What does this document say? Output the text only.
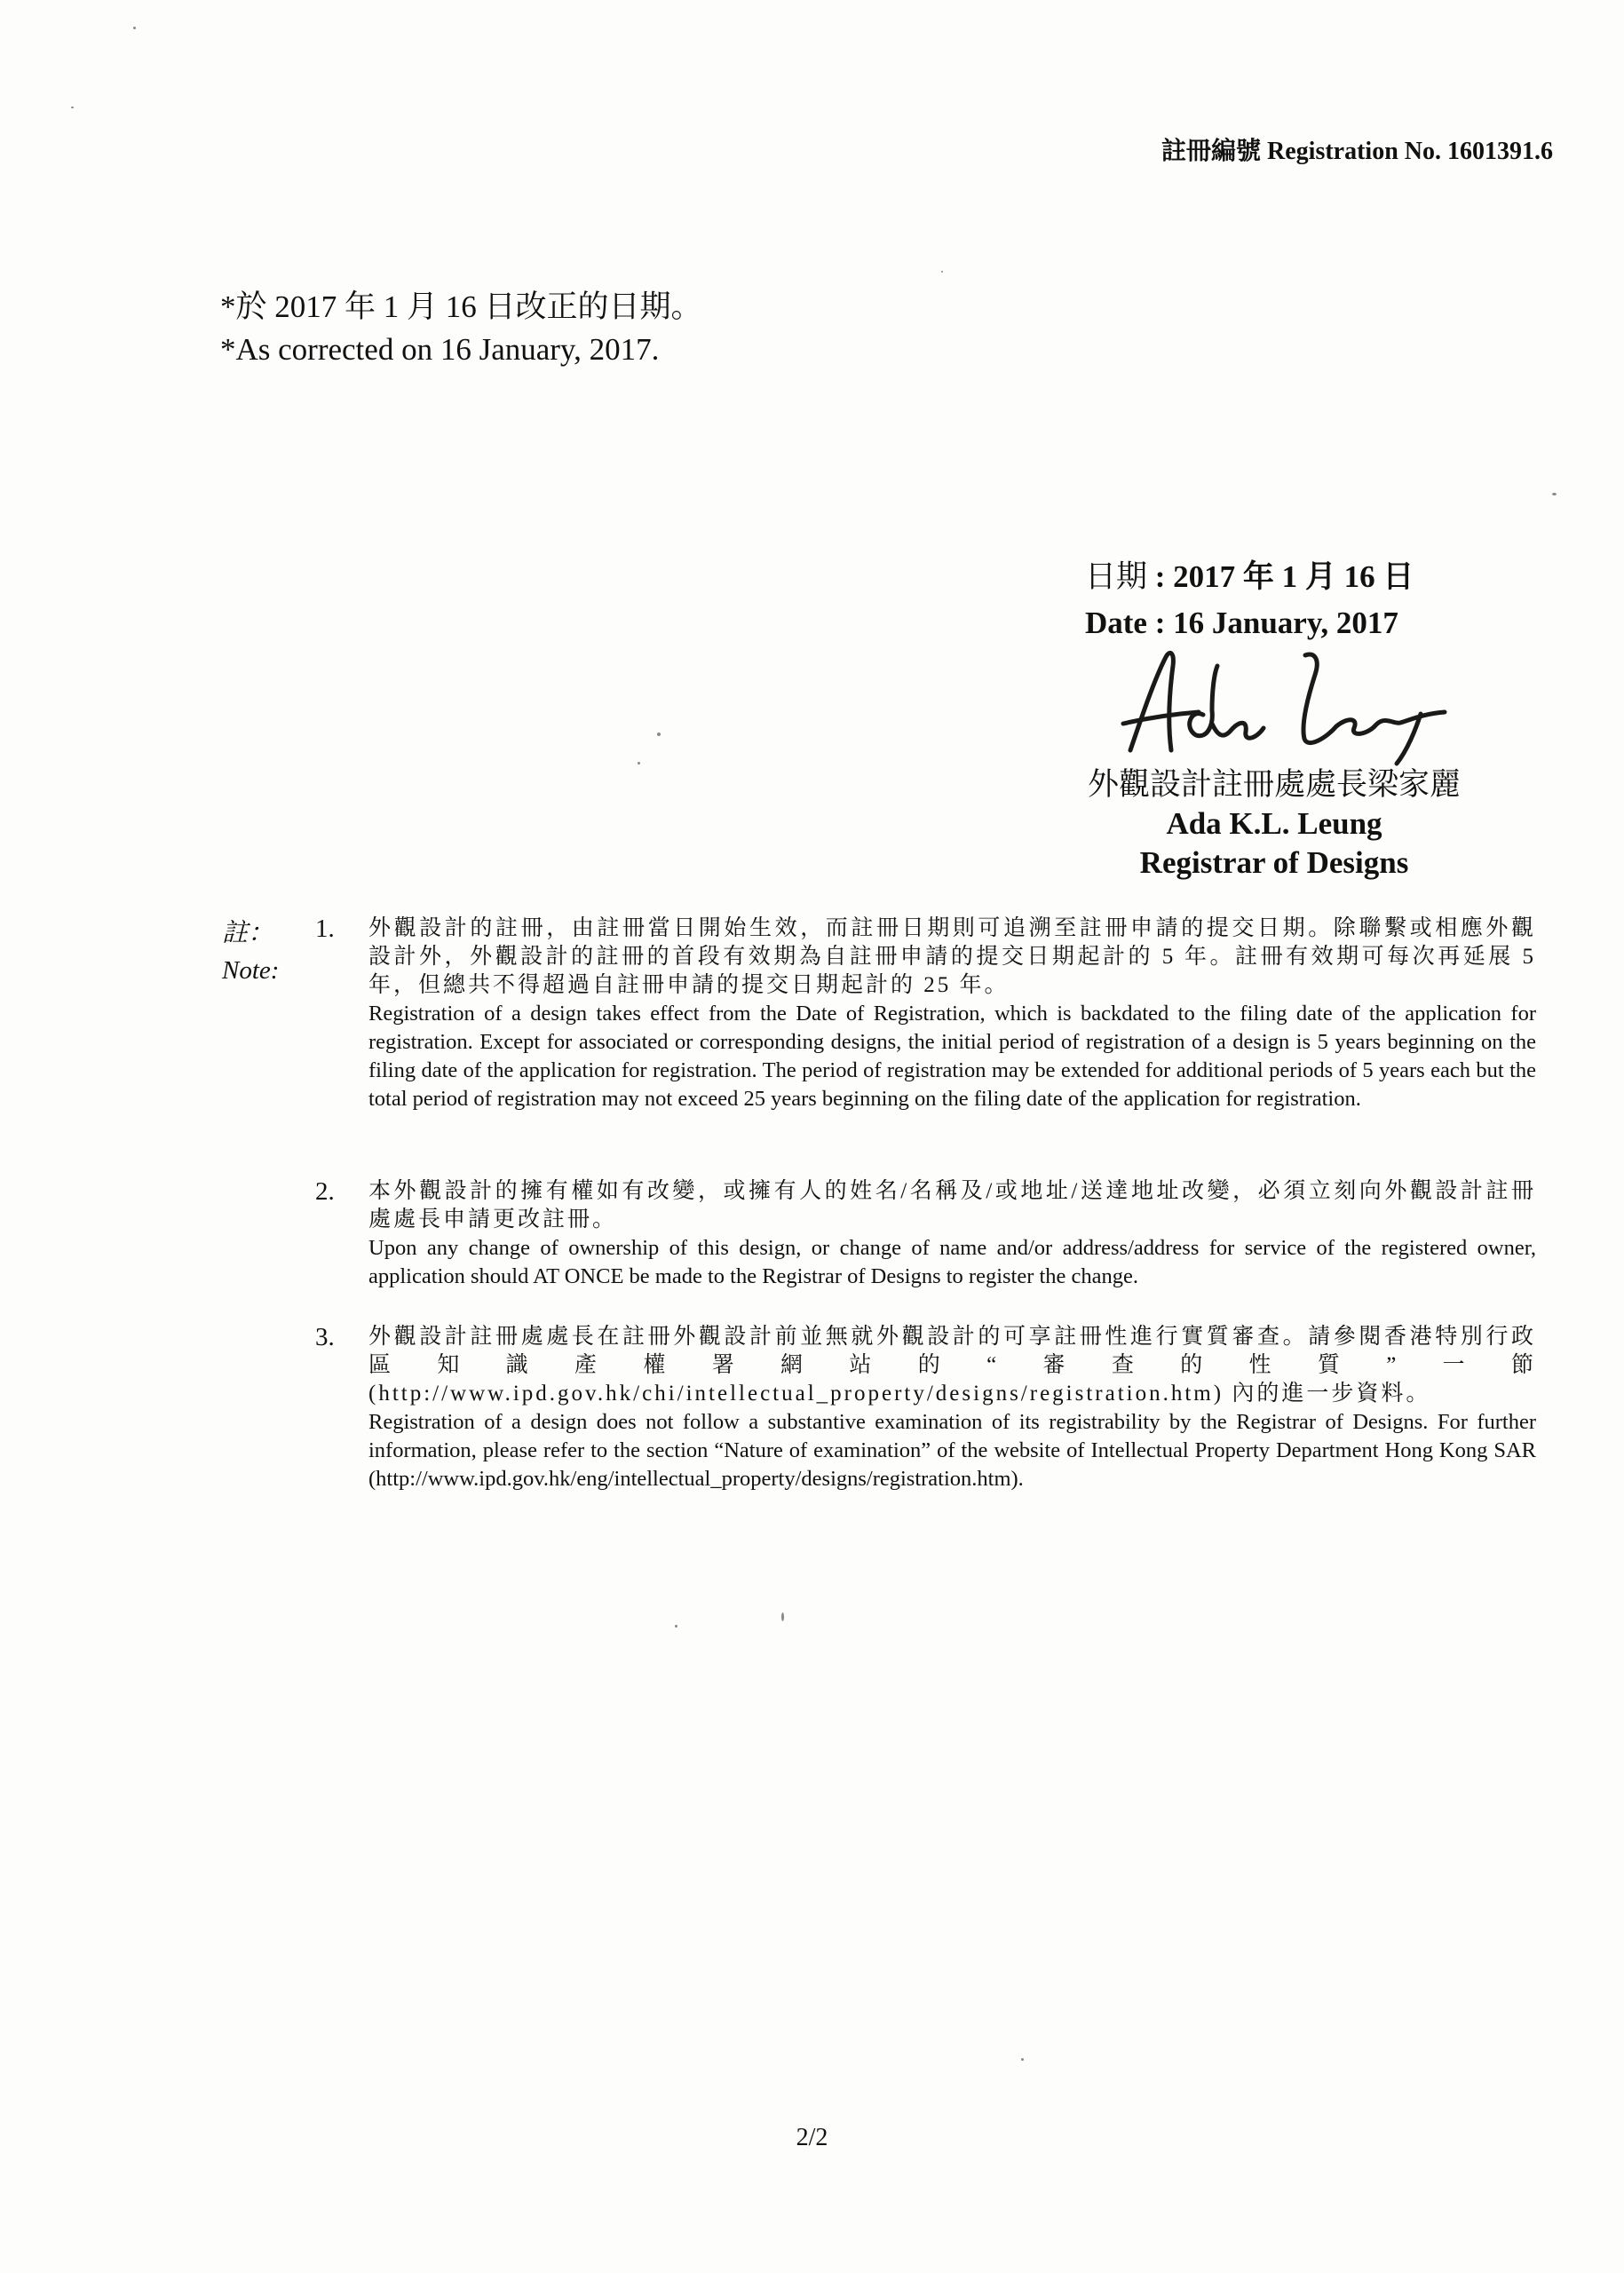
註冊編號 Registration No. 1601391.6
*於 2017 年 1 月 16 日改正的日期。
*As corrected on 16 January, 2017.
日期 : 2017 年 1 月 16 日
Date : 16 January, 2017
外觀設計註冊處處長梁家麗
Ada K.L. Leung
Registrar of Designs
註：
Note:
1. 外觀設計的註冊，由註冊當日開始生效，而註冊日期則可追溯至註冊申請的提交日期。除聯繫或相應外觀設計外，外觀設計的註冊的首段有效期為自註冊申請的提交日期起計的 5 年。註冊有效期可每次再延展 5 年，但總共不得超過自註冊申請的提交日期起計的 25 年。
Registration of a design takes effect from the Date of Registration, which is backdated to the filing date of the application for registration. Except for associated or corresponding designs, the initial period of registration of a design is 5 years beginning on the filing date of the application for registration. The period of registration may be extended for additional periods of 5 years each but the total period of registration may not exceed 25 years beginning on the filing date of the application for registration.
2. 本外觀設計的擁有權如有改變，或擁有人的姓名/名稱及/或地址/送達地址改變，必須立刻向外觀設計註冊處處長申請更改註冊。
Upon any change of ownership of this design, or change of name and/or address/address for service of the registered owner, application should AT ONCE be made to the Registrar of Designs to register the change.
3. 外觀設計註冊處處長在註冊外觀設計前並無就外觀設計的可享註冊性進行實質審查。請參閱香港特別行政區知識產權署網站的“審查的性質”一節 (http://www.ipd.gov.hk/chi/intellectual_property/designs/registration.htm) 內的進一步資料。
Registration of a design does not follow a substantive examination of its registrability by the Registrar of Designs. For further information, please refer to the section “Nature of examination” of the website of Intellectual Property Department Hong Kong SAR (http://www.ipd.gov.hk/eng/intellectual_property/designs/registration.htm).
2/2
